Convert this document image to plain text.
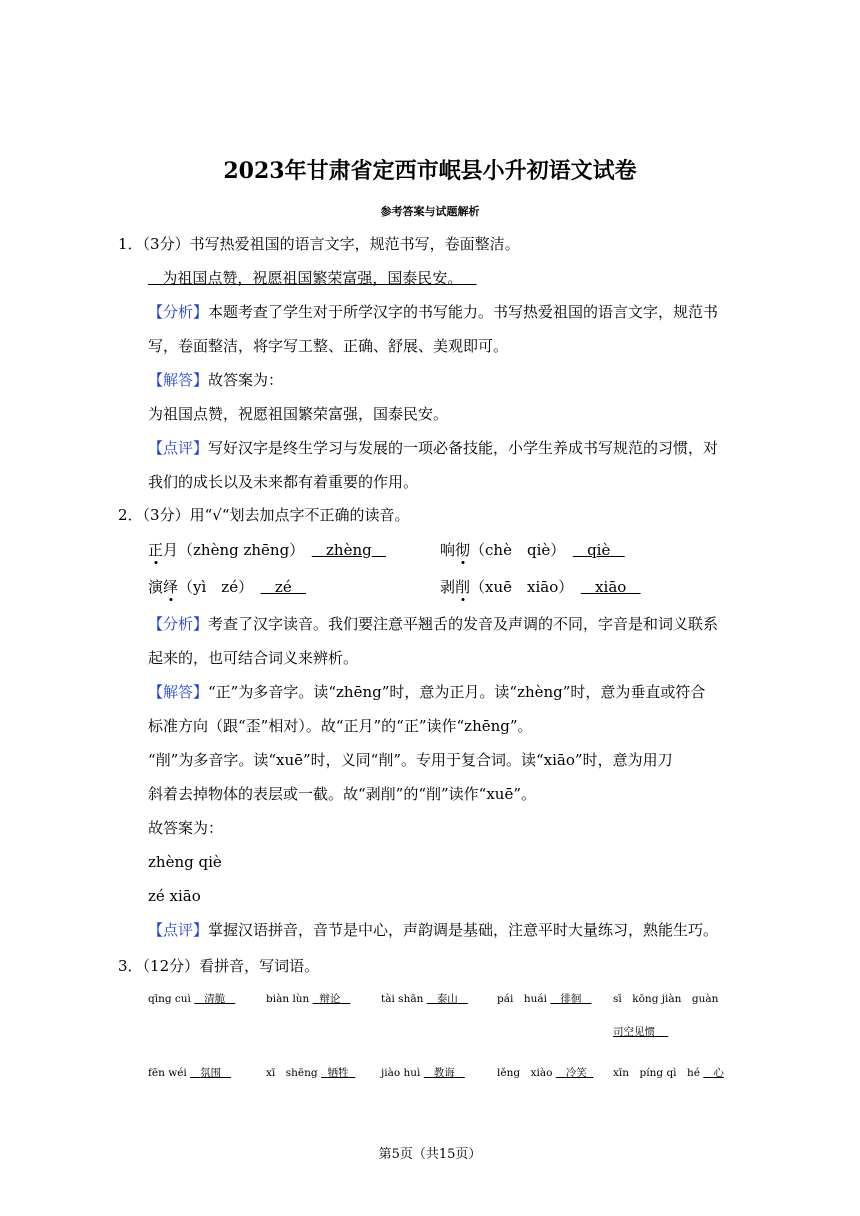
2023年甘肃省定西市岷县小升初语文试卷
参考答案与试题解析
1．（3分）书写热爱祖国的语言文字，规范书写，卷面整洁。
为祖国点赞，祝愿祖国繁荣富强，国泰民安。
【分析】本题考查了学生对于所学汉字的书写能力。书写热爱祖国的语言文字，规范书
写，卷面整洁，将字写工整、正确、舒展、美观即可。
【解答】故答案为：
为祖国点赞，祝愿祖国繁荣富强，国泰民安。
【点评】写好汉字是终生学习与发展的一项必备技能，小学生养成书写规范的习惯，对
我们的成长以及未来都有着重要的作用。
2．（3分）用“√“划去加点字不正确的读音。
正月（zhèng zhēng）　 zhèng	响彻（chè　qiè）　 qiè
演绎（yì　zé）　 zé	剥削（xuē　xiāo）　 xiāo
【分析】考查了汉字读音。我们要注意平翘舌的发音及声调的不同，字音是和词义联系
起来的，也可结合词义来辨析。
【解答】“正”为多音字。读“zhēng”时，意为正月。读“zhèng”时，意为垂直或符合
标准方向（跟“歪”相对）。故“正月”的“正”读作“zhēng”。
“削”为多音字。读“xuē”时，义同“削”。专用于复合词。读“xiāo”时，意为用刀
斜着去掉物体的表层或一截。故“剥削”的“削”读作“xuē”。
故答案为：
zhèng qiè
zé xiāo
【点评】掌握汉语拼音，音节是中心，声韵调是基础，注意平时大量练习，熟能生巧。
3．（12分）看拼音，写词语。
qīng cuì 清脆	biàn lùn 辩论	tài shān 泰山	pái　huái 徘徊	sī　kōng jiàn　guàn
司空见惯
fēn wéi 氛围	xī　shēng 牺牲	jiào huì 教诲	lěng　xiào 冷笑	xīn　píng qì　hé 心
第5页（共15页）
